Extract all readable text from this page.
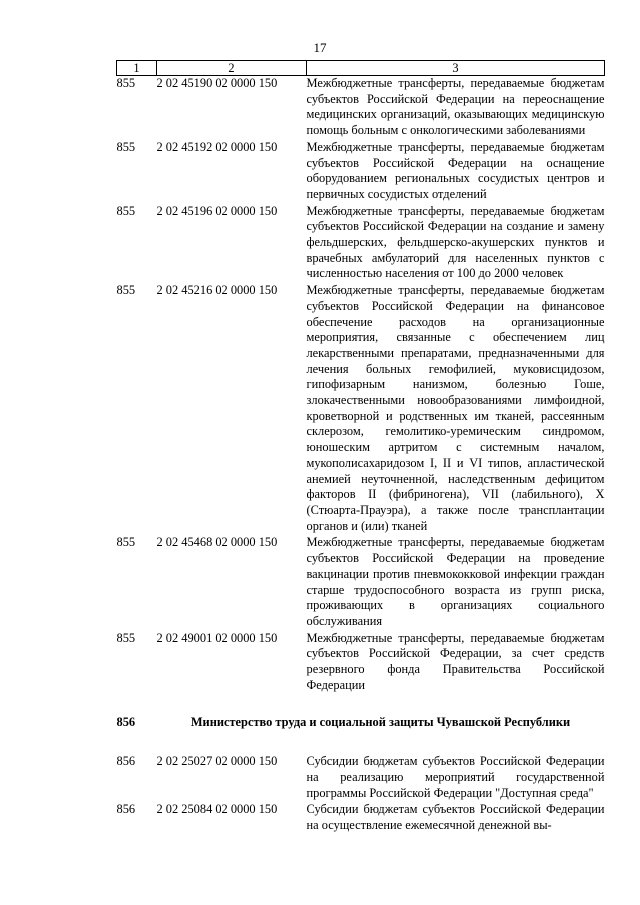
17
1	2	3
855	2 02 45190 02 0000 150	Межбюджетные трансферты, передаваемые бюджетам субъектов Российской Федерации на переоснащение медицинских организаций, оказывающих медицинскую помощь больным с онкологическими заболеваниями
855	2 02 45192 02 0000 150	Межбюджетные трансферты, передаваемые бюджетам субъектов Российской Федерации на оснащение оборудованием региональных сосудистых центров и первичных сосудистых отделений
855	2 02 45196 02 0000 150	Межбюджетные трансферты, передаваемые бюджетам субъектов Российской Федерации на создание и замену фельдшерских, фельдшерско-акушерских пунктов и врачебных амбулаторий для населенных пунктов с численностью населения от 100 до 2000 человек
855	2 02 45216 02 0000 150	Межбюджетные трансферты, передаваемые бюджетам субъектов Российской Федерации на финансовое обеспечение расходов на организационные мероприятия, связанные с обеспечением лиц лекарственными препаратами, предназначенными для лечения больных гемофилией, муковисцидозом, гипофизарным нанизмом, болезнью Гоше, злокачественными новообразованиями лимфоидной, кроветворной и родственных им тканей, рассеянным склерозом, гемолитико-уремическим синдромом, юношеским артритом с системным началом, мукополисахаридозом I, II и VI типов, апластической анемией неуточненной, наследственным дефицитом факторов II (фибриногена), VII (лабильного), X (Стюарта-Прауэра), а также после трансплантации органов и (или) тканей
855	2 02 45468 02 0000 150	Межбюджетные трансферты, передаваемые бюджетам субъектов Российской Федерации на проведение вакцинации против пневмококковой инфекции граждан старше трудоспособного возраста из групп риска, проживающих в организациях социального обслуживания
855	2 02 49001 02 0000 150	Межбюджетные трансферты, передаваемые бюджетам субъектов Российской Федерации, за счет средств резервного фонда Правительства Российской Федерации
856	Министерство труда и социальной защиты Чувашской Республики	
856	2 02 25027 02 0000 150	Субсидии бюджетам субъектов Российской Федерации на реализацию мероприятий государственной программы Российской Федерации "Доступная среда"
856	2 02 25084 02 0000 150	Субсидии бюджетам субъектов Российской Федерации на осуществление ежемесячной денежной вы-
